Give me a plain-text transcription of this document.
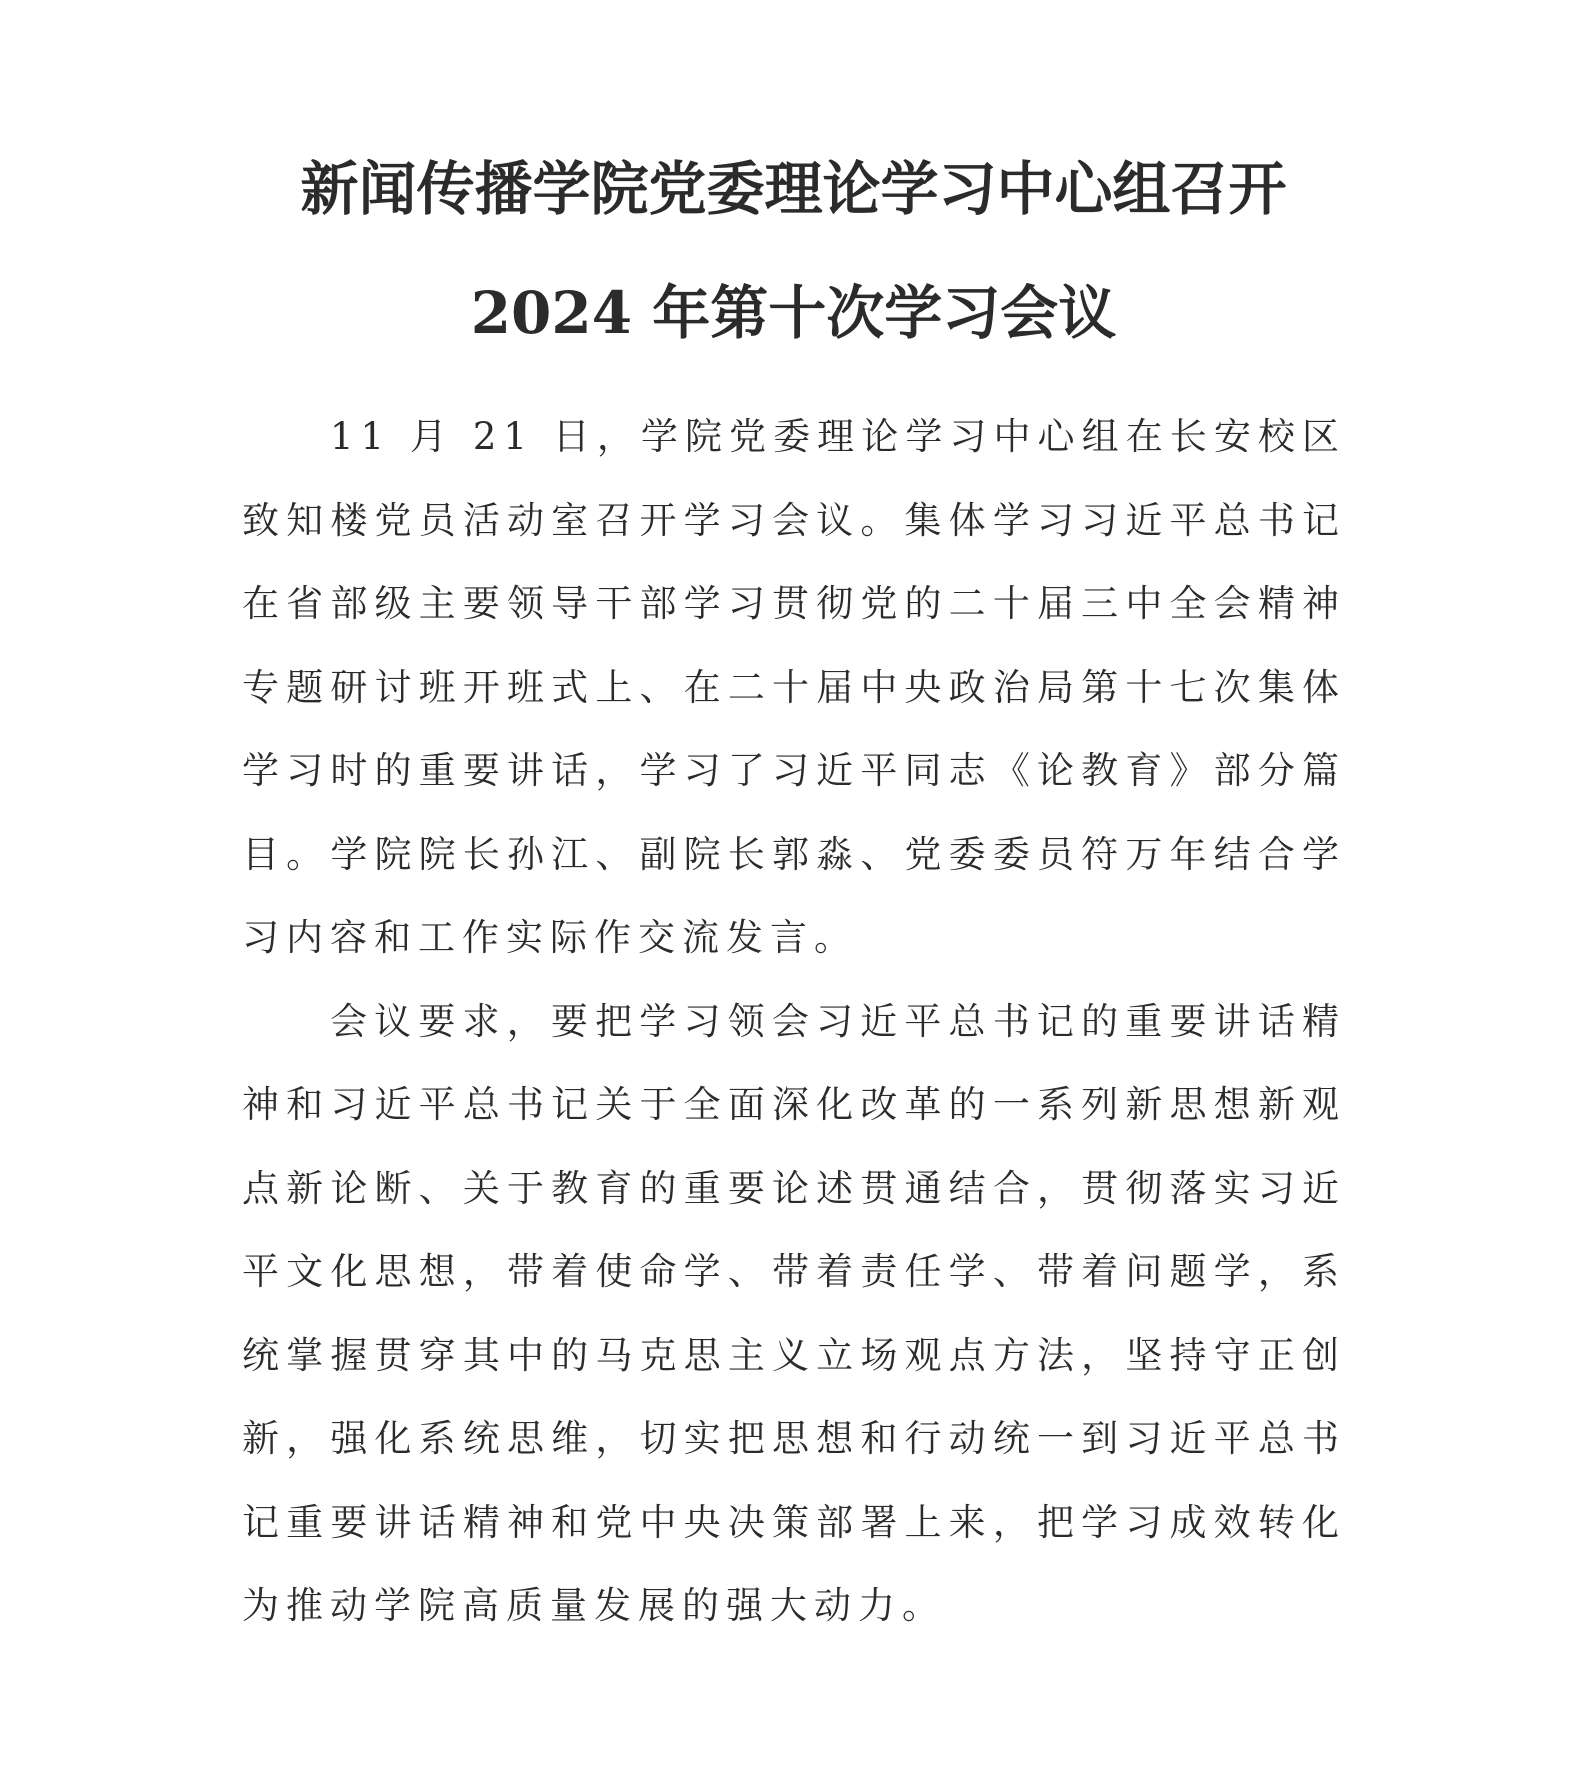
新闻传播学院党委理论学习中心组召开
2024 年第十次学习会议

11 月 21 日，学院党委理论学习中心组在长安校区致知楼党员活动室召开学习会议。集体学习习近平总书记在省部级主要领导干部学习贯彻党的二十届三中全会精神专题研讨班开班式上、在二十届中央政治局第十七次集体学习时的重要讲话，学习了习近平同志《论教育》部分篇目。学院院长孙江、副院长郭淼、党委委员符万年结合学习内容和工作实际作交流发言。

会议要求，要把学习领会习近平总书记的重要讲话精神和习近平总书记关于全面深化改革的一系列新思想新观点新论断、关于教育的重要论述贯通结合，贯彻落实习近平文化思想，带着使命学、带着责任学、带着问题学，系统掌握贯穿其中的马克思主义立场观点方法，坚持守正创新，强化系统思维，切实把思想和行动统一到习近平总书记重要讲话精神和党中央决策部署上来，把学习成效转化为推动学院高质量发展的强大动力。
